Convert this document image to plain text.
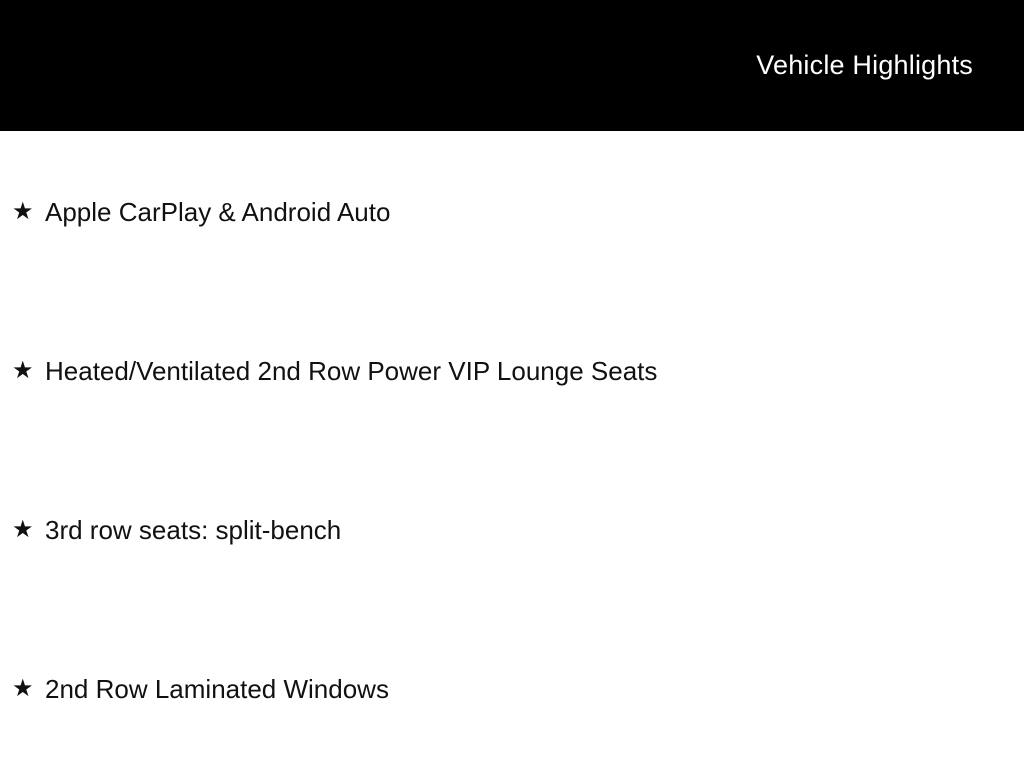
Vehicle Highlights
★ Apple CarPlay & Android Auto
★ Heated/Ventilated 2nd Row Power VIP Lounge Seats
★ 3rd row seats: split-bench
★ 2nd Row Laminated Windows
